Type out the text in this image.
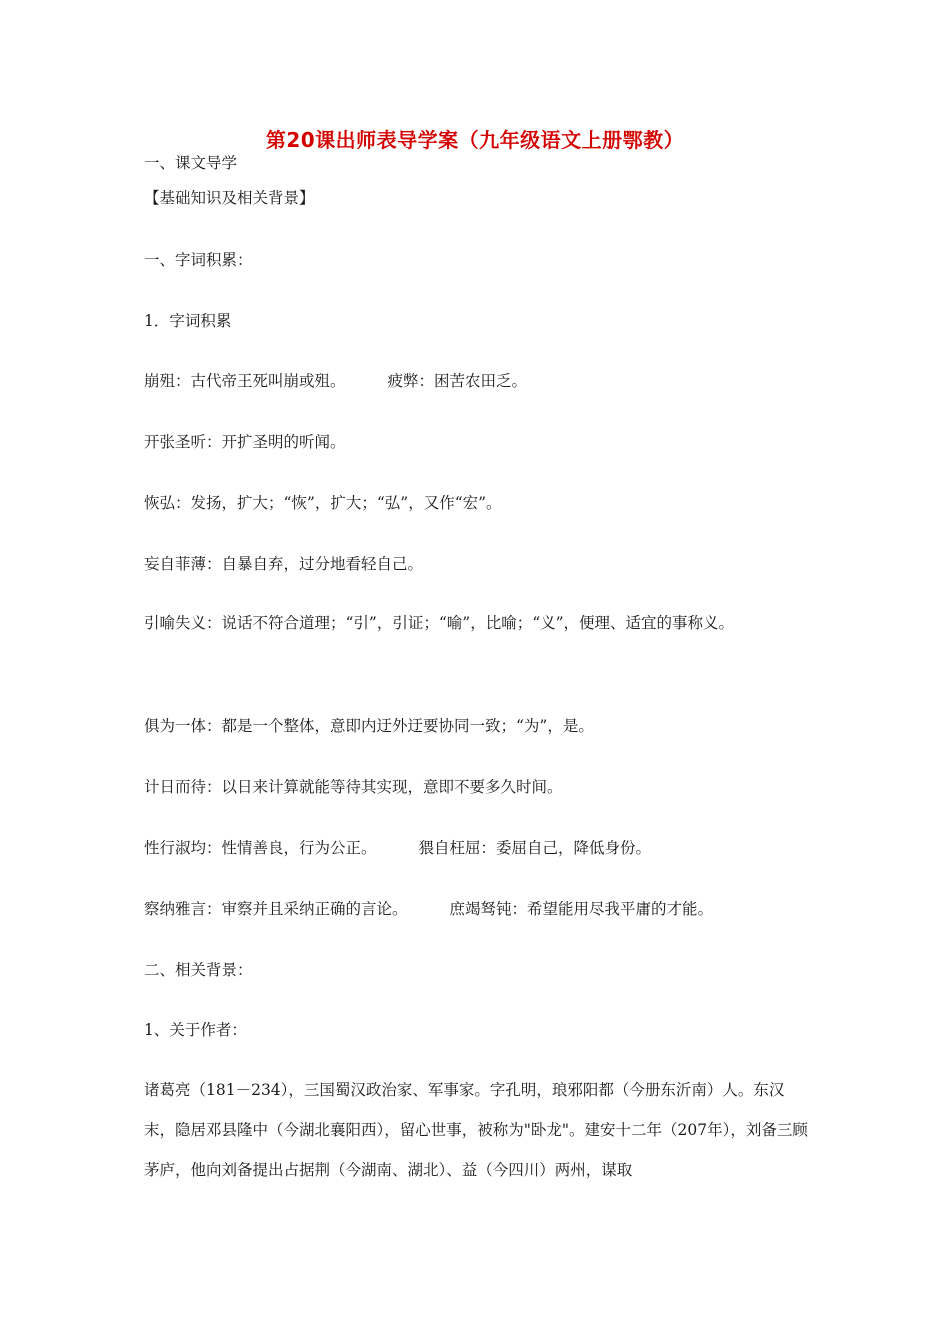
第20课出师表导学案（九年级语文上册鄂教）
一、课文导学
【基础知识及相关背景】
一、字词积累：
1．字词积累
崩殂：古代帝王死叫崩或殂。	疲弊：困苦农田乏。
开张圣听：开扩圣明的听闻。
恢弘：发扬，扩大；“恢”，扩大；“弘”，又作“宏”。
妄自菲薄：自暴自弃，过分地看轻自己。
引喻失义：说话不符合道理；“引”，引证；“喻”，比喻；“义”，便理、适宜的事称义。
俱为一体：都是一个整体，意即内迂外迂要协同一致；“为”，是。
计日而待：以日来计算就能等待其实现，意即不要多久时间。
性行淑均：性情善良，行为公正。	猥自枉屈：委屈自己，降低身份。
察纳雅言：审察并且采纳正确的言论。	庶竭驽钝：希望能用尽我平庸的才能。
二、相关背景：
1、关于作者：
诸葛亮（181－234），三国蜀汉政治家、军事家。字孔明，琅邪阳都（今册东沂南）人。东汉末，隐居邓县隆中（今湖北襄阳西），留心世事，被称为"卧龙"。建安十二年（207年），刘备三顾茅庐，他向刘备提出占据荆（今湖南、湖北）、益（今四川）两州，谋取
